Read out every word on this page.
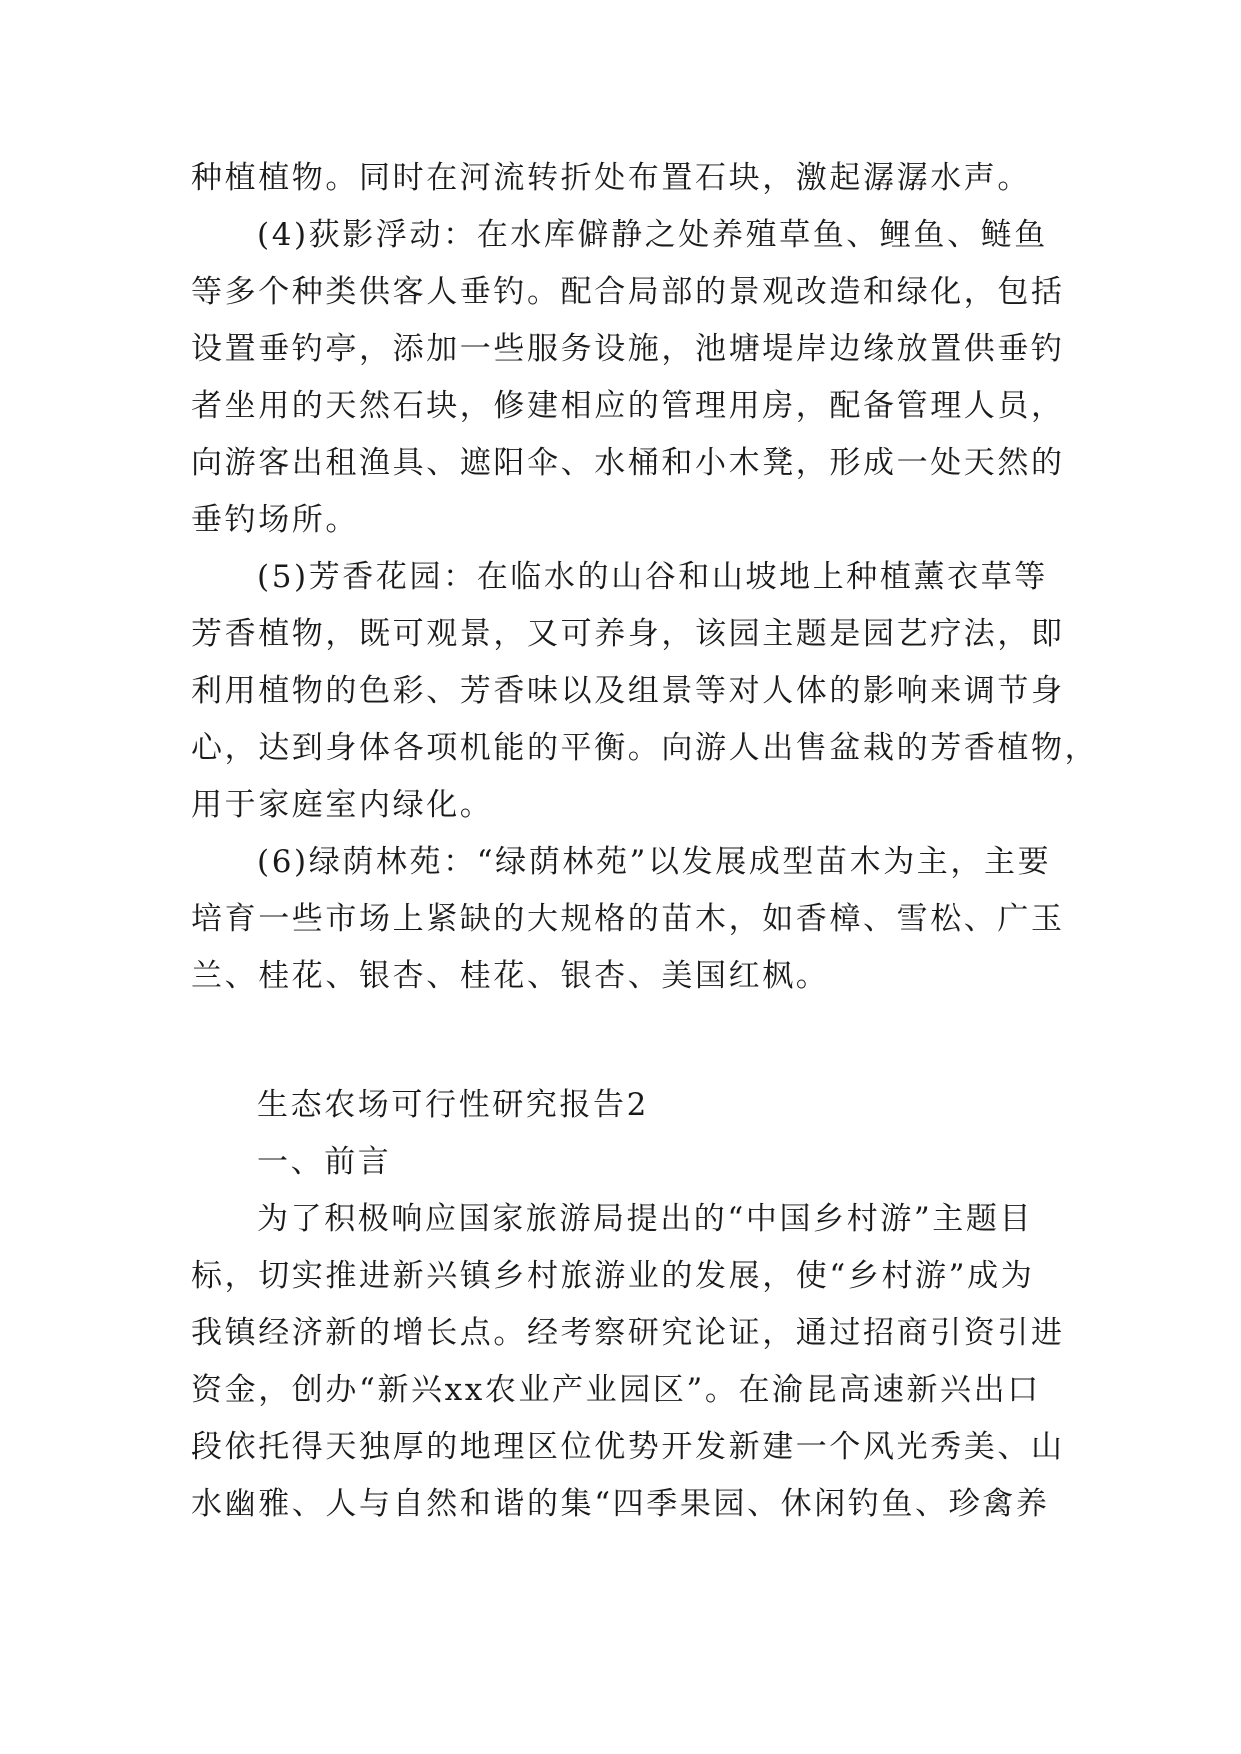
种植植物。同时在河流转折处布置石块，激起潺潺水声。
(4)荻影浮动：在水库僻静之处养殖草鱼、鲤鱼、鲢鱼
等多个种类供客人垂钓。配合局部的景观改造和绿化，包括
设置垂钓亭，添加一些服务设施，池塘堤岸边缘放置供垂钓
者坐用的天然石块，修建相应的管理用房，配备管理人员，
向游客出租渔具、遮阳伞、水桶和小木凳，形成一处天然的
垂钓场所。
(5)芳香花园：在临水的山谷和山坡地上种植薰衣草等
芳香植物，既可观景，又可养身，该园主题是园艺疗法，即
利用植物的色彩、芳香味以及组景等对人体的影响来调节身
心，达到身体各项机能的平衡。向游人出售盆栽的芳香植物，
用于家庭室内绿化。
(6)绿荫林苑：“绿荫林苑”以发展成型苗木为主，主要
培育一些市场上紧缺的大规格的苗木，如香樟、雪松、广玉
兰、桂花、银杏、桂花、银杏、美国红枫。
生态农场可行性研究报告2
一、前言
为了积极响应国家旅游局提出的“中国乡村游”主题目
标，切实推进新兴镇乡村旅游业的发展，使“乡村游”成为
我镇经济新的增长点。经考察研究论证，通过招商引资引进
资金，创办“新兴xx农业产业园区”。在渝昆高速新兴出口
段依托得天独厚的地理区位优势开发新建一个风光秀美、山
水幽雅、人与自然和谐的集“四季果园、休闲钓鱼、珍禽养
